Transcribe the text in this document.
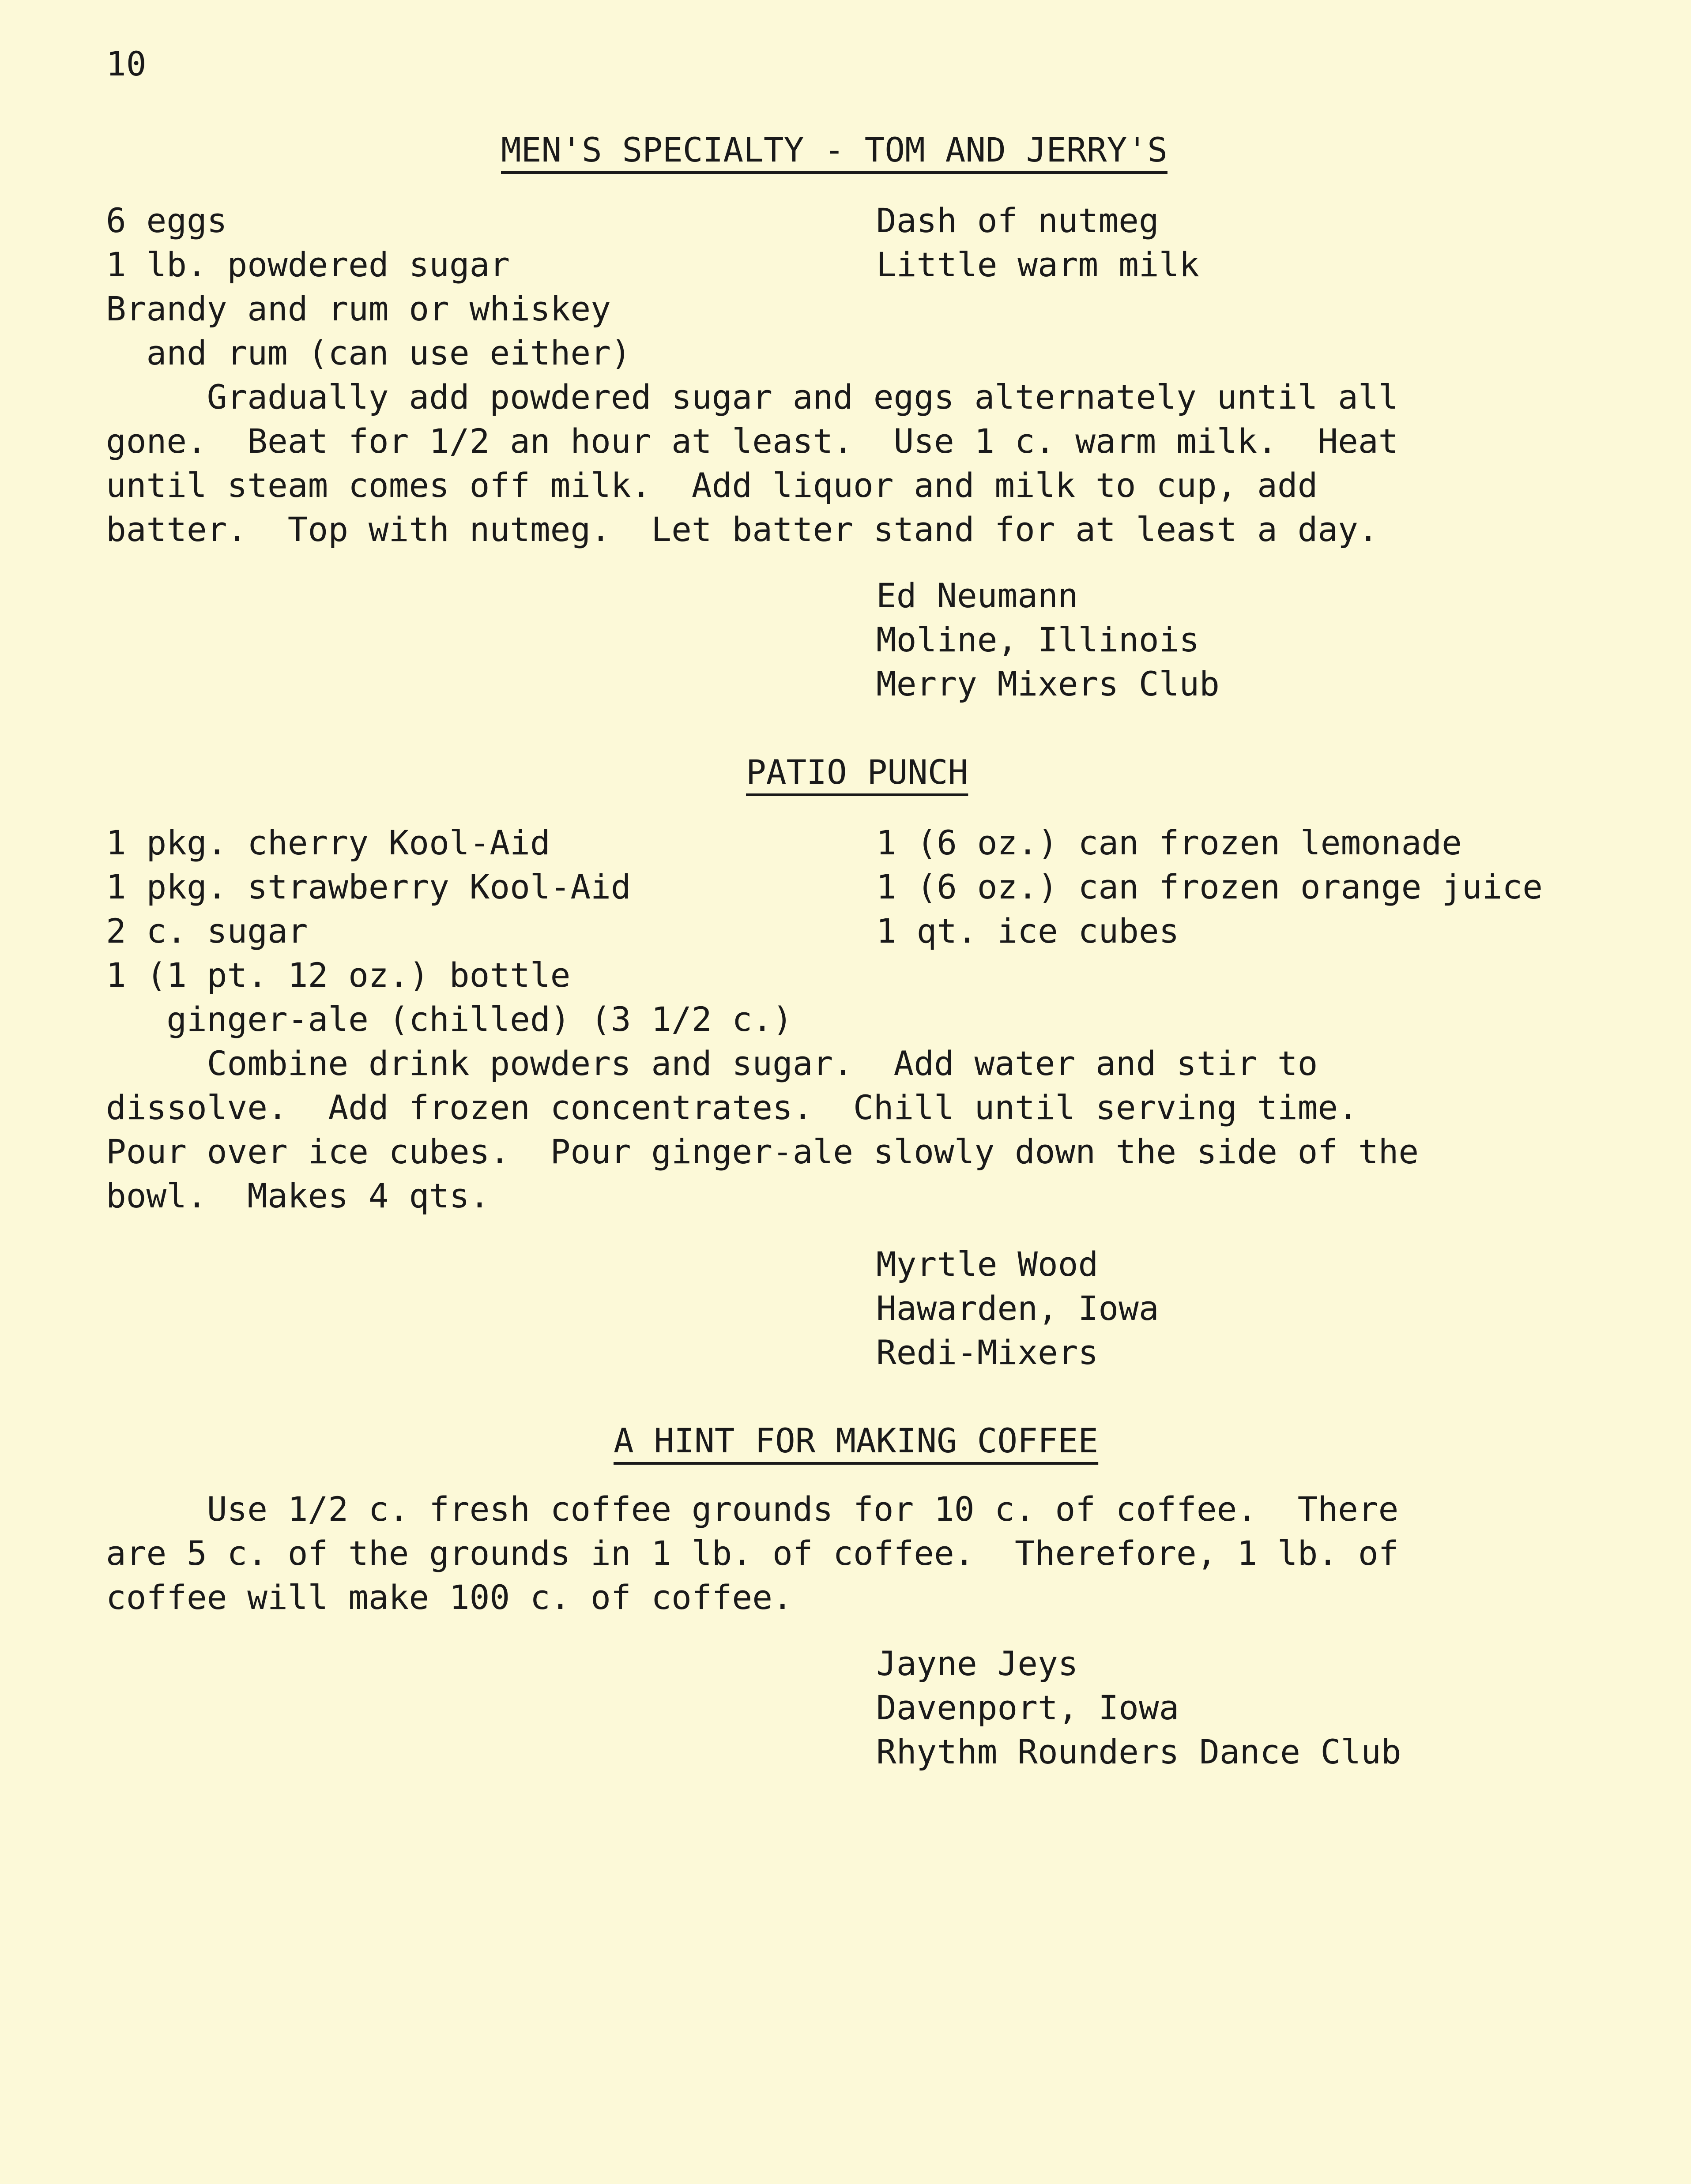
10
MEN'S SPECIALTY - TOM AND JERRY'S
6 eggs
1 lb. powdered sugar
Brandy and rum or whiskey
and rum (can use either)
Dash of nutmeg
Little warm milk
Gradually add powdered sugar and eggs alternately until all
gone.  Beat for 1/2 an hour at least.  Use 1 c. warm milk.  Heat
until steam comes off milk.  Add liquor and milk to cup, add
batter.  Top with nutmeg.  Let batter stand for at least a day.
Ed Neumann
Moline, Illinois
Merry Mixers Club
PATIO PUNCH
1 pkg. cherry Kool-Aid
1 pkg. strawberry Kool-Aid
2 c. sugar
1 (1 pt. 12 oz.) bottle
ginger-ale (chilled) (3 1/2 c.)
1 (6 oz.) can frozen lemonade
1 (6 oz.) can frozen orange juice
1 qt. ice cubes
Combine drink powders and sugar.  Add water and stir to
dissolve.  Add frozen concentrates.  Chill until serving time.
Pour over ice cubes.  Pour ginger-ale slowly down the side of the
bowl.  Makes 4 qts.
Myrtle Wood
Hawarden, Iowa
Redi-Mixers
A HINT FOR MAKING COFFEE
Use 1/2 c. fresh coffee grounds for 10 c. of coffee.  There
are 5 c. of the grounds in 1 lb. of coffee.  Therefore, 1 lb. of
coffee will make 100 c. of coffee.
Jayne Jeys
Davenport, Iowa
Rhythm Rounders Dance Club
